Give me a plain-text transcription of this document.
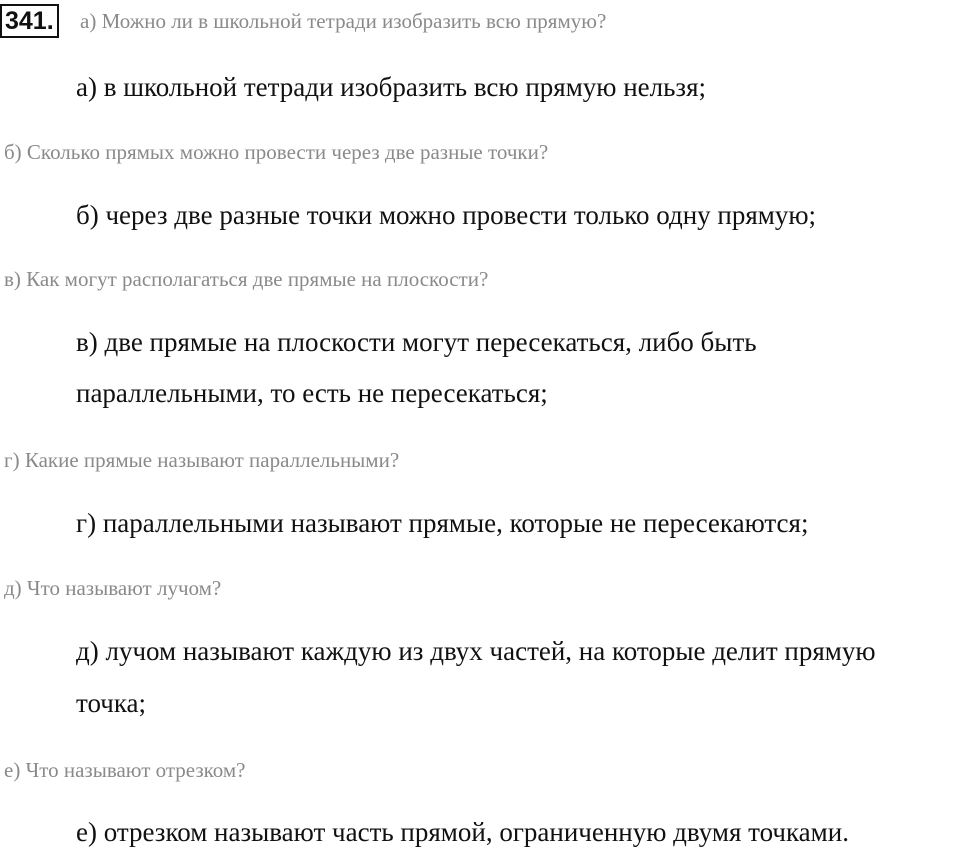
341. а) Можно ли в школьной тетради изобразить всю прямую?
а) в школьной тетради изобразить всю прямую нельзя;
б) Сколько прямых можно провести через две разные точки?
б) через две разные точки можно провести только одну прямую;
в) Как могут располагаться две прямые на плоскости?
в) две прямые на плоскости могут пересекаться, либо быть
параллельными, то есть не пересекаться;
г) Какие прямые называют параллельными?
г) параллельными называют прямые, которые не пересекаются;
д) Что называют лучом?
д) лучом называют каждую из двух частей, на которые делит прямую
точка;
е) Что называют отрезком?
е) отрезком называют часть прямой, ограниченную двумя точками.
